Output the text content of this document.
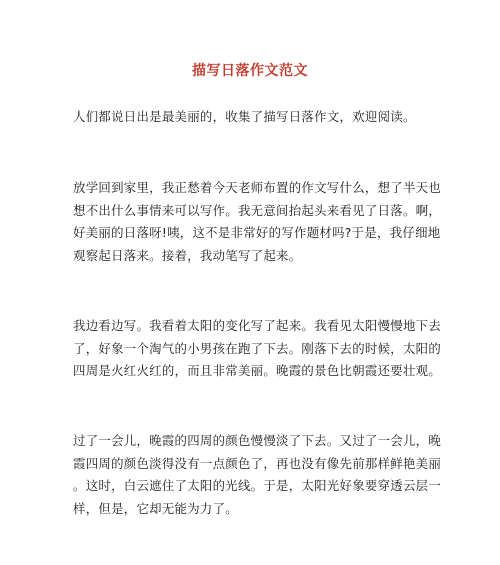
描写日落作文范文
人们都说日出是最美丽的，收集了描写日落作文，欢迎阅读。
放学回到家里，我正愁着今天老师布置的作文写什么，想了半天也
想不出什么事情来可以写作。我无意间抬起头来看见了日落。啊，
好美丽的日落呀!咦，这不是非常好的写作题材吗?于是，我仔细地
观察起日落来。接着，我动笔写了起来。
我边看边写。我看着太阳的变化写了起来。我看见太阳慢慢地下去
了，好象一个淘气的小男孩在跑了下去。刚落下去的时候，太阳的
四周是火红火红的，而且非常美丽。晚霞的景色比朝霞还要壮观。
过了一会儿，晚霞的四周的颜色慢慢淡了下去。又过了一会儿，晚
霞四周的颜色淡得没有一点颜色了，再也没有像先前那样鲜艳美丽
。这时，白云遮住了太阳的光线。于是，太阳光好象要穿透云层一
样，但是，它却无能为力了。
